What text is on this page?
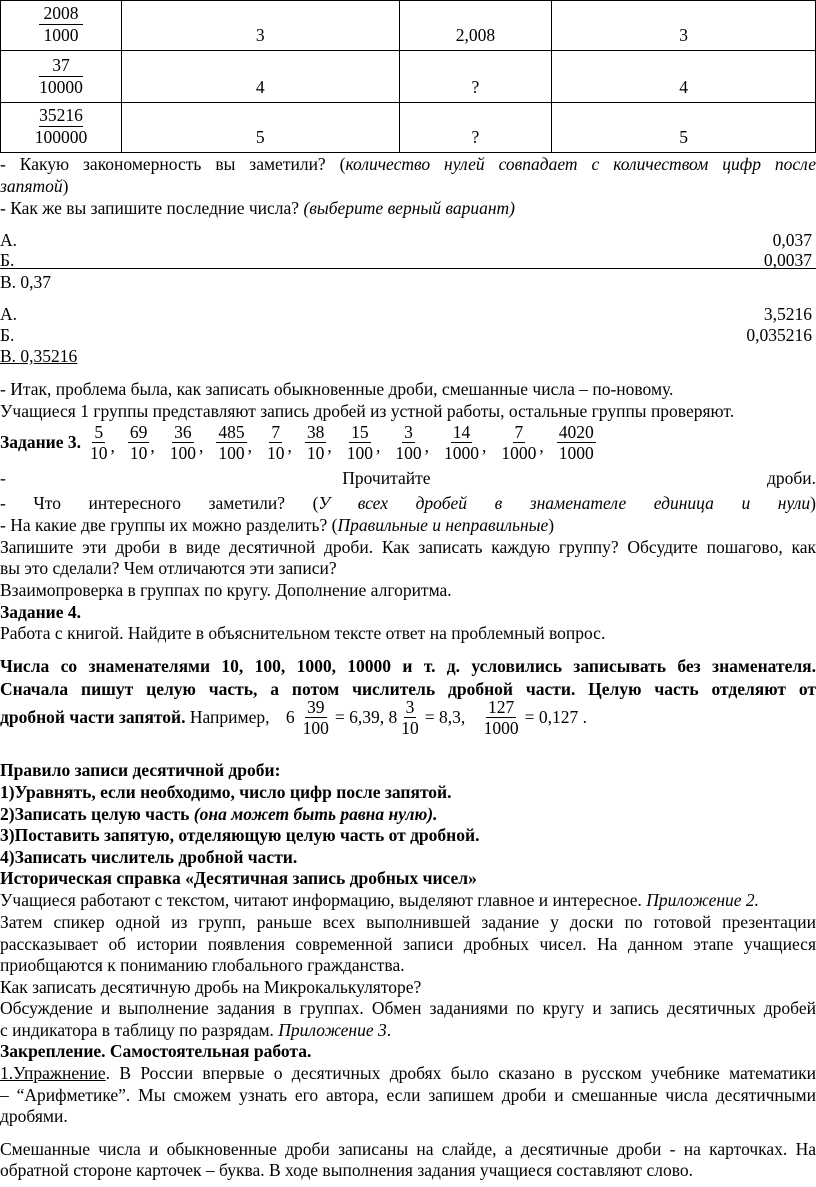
2008
1000	3	2,008	3

37
10000	4	?	4

35216
100000	5	?	5
- Какую закономерность вы заметили? (количество нулей совпадает с количеством цифр после
запятой)
- Как же вы запишите последние числа? (выберите верный вариант)
А.	0,037
Б.	0,0037
В. 0,37
А.	3,5216
Б.	0,035216
В. 0,35216
- Итак, проблема была, как записать обыкновенные дроби, смешанные числа – по-новому.
Учащиеся 1 группы представляют запись дробей из устной работы, остальные группы проверяют.
Задание 3. $\frac{5}{10}$ , $\frac{69}{10}$ , $\frac{36}{100}$ , $\frac{485}{100}$ , $\frac{7}{10}$ , $\frac{38}{10}$ , $\frac{15}{100}$ , $\frac{3}{100}$ , $\frac{14}{1000}$ , $\frac{7}{1000}$ , $\frac{4020}{1000}$
-	Прочитайте	дроби.
- Что интересного заметили? (У всех дробей в знаменателе единица и нули)
- На какие две группы их можно разделить? (Правильные и неправильные)
Запишите эти дроби в виде десятичной дроби. Как записать каждую группу? Обсудите пошагово, как
вы это сделали? Чем отличаются эти записи?
Взаимопроверка в группах по кругу. Дополнение алгоритма.
Задание 4.
Работа с книгой. Найдите в объяснительном тексте ответ на проблемный вопрос.
Числа со знаменателями 10, 100, 1000, 10000 и т. д. условились записывать без знаменателя.
Сначала пишут целую часть, а потом числитель дробной части. Целую часть отделяют от
дробной части запятой. Например, $6 \frac{39}{100} = 6,39$, $8 \frac{3}{10} = 8,3$, $\frac{127}{1000} = 0,127$ .
Правило записи десятичной дроби:
1)Уравнять, если необходимо, число цифр после запятой.
2)Записать целую часть (она может быть равна нулю).
3)Поставить запятую, отделяющую целую часть от дробной.
4)Записать числитель дробной части.
Историческая справка «Десятичная запись дробных чисел»
Учащиеся работают с текстом, читают информацию, выделяют главное и интересное. Приложение 2.
Затем спикер одной из групп, раньше всех выполнившей задание у доски по готовой презентации
рассказывает об истории появления современной записи дробных чисел. На данном этапе учащиеся
приобщаются к пониманию глобального гражданства.
Как записать десятичную дробь на Микрокалькуляторе?
Обсуждение и выполнение задания в группах. Обмен заданиями по кругу и запись десятичных дробей
с индикатора в таблицу по разрядам. Приложение 3.
Закрепление. Самостоятельная работа.
1.Упражнение. В России впервые о десятичных дробях было сказано в русском учебнике математики
– “Арифметике”. Мы сможем узнать его автора, если запишем дроби и смешанные числа десятичными
дробями.
Смешанные числа и обыкновенные дроби записаны на слайде, а десятичные дроби - на карточках. На
обратной стороне карточек – буква. В ходе выполнения задания учащиеся составляют слово.
